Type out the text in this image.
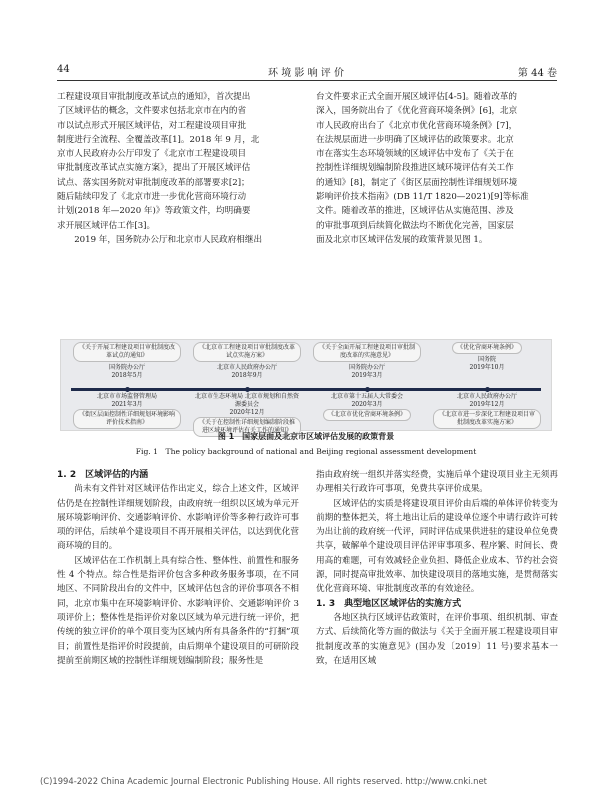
44	环 境 影 响 评 价	第 44 卷
工程建设项目审批制度改革试点的通知》，首次提出
了区域评估的概念，文件要求包括北京市在内的省
市以试点形式开展区域评估，对工程建设项目审批
制度进行全流程、全覆盖改革[1]。2018 年 9 月，北
京市人民政府办公厅印发了《北京市工程建设项目
审批制度改革试点实施方案》，提出了开展区域评估
试点、落实国务院对审批制度改革的部署要求[2]；
随后陆续印发了《北京市进一步优化营商环境行动
计划(2018 年—2020 年)》等政策文件，均明确要
求开展区域评估工作[3]。
　　2019 年，国务院办公厅和北京市人民政府相继出
台文件要求正式全面开展区域评估[4-5]。随着改革的
深入，国务院出台了《优化营商环境条例》[6]，北京
市人民政府出台了《北京市优化营商环境条例》[7]，
在法规层面进一步明确了区域评估的政策要求。北京
市在落实生态环境领域的区域评估中发布了《关于在
控制性详细规划编制阶段推进区域环境评估有关工作
的通知》[8]，制定了《街区层面控制性详细规划环境
影响评价技术指南》(DB 11/T 1820—2021)[9]等标准
文件。随着改革的推进，区域评估从实施范围、涉及
的审批事项到后续简化做法均不断优化完善，国家层
面及北京市区域评估发展的政策背景见图 1。
《关于开展工程建设项目审批制度改革试点的通知》
国务院办公厅
2018年5月
《北京市工程建设项目审批制度改革试点实施方案》
北京市人民政府办公厅
2018年9月
《关于全面开展工程建设项目审批制度改革的实施意见》
国务院办公厅
2019年3月
《优化营商环境条例》
国务院
2019年10月
北京市市场监督管理局
2021年3月
《街区层面控制性详细规划环境影响评价技术指南》
北京市生态环境局 北京市规划和自然资源委员会
2020年12月
《关于在控制性详细规划编制阶段推进区域环境评估有关工作的通知》
北京市第十五届人大常委会
2020年3月
《北京市优化营商环境条例》
北京市人民政府办公厅
2019年12月
《北京市进一步深化工程建设项目审批制度改革实施方案》
图 1　国家层面及北京市区域评估发展的政策背景
Fig. 1　The policy background of national and Beijing regional assessment development
1. 2　区域评估的内涵

尚未有文件针对区域评估作出定义，综合上述文件，区域评估仍是在控制性详细规划阶段，由政府统一组织以区域为单元开展环境影响评价、交通影响评价、水影响评价等多种行政许可事项的评估，后续单个建设项目不再开展相关评估，以达到优化营商环境的目的。

区域评估在工作机制上具有综合性、整体性、前置性和服务性 4 个特点。综合性是指评价包含多种政务服务事项，在不同地区、不同阶段出台的文件中，区域评估包含的评价事项各不相同，北京市集中在环境影响评价、水影响评价、交通影响评价 3 项评价上；整体性是指评价对象以区域为单元进行统一评价，把传统的独立评价的单个项目变为区域内所有具备条件的“打捆”项目；前置性是指评价时段提前，由后期单个建设项目的可研阶段提前至前期区域的控制性详细规划编制阶段；服务性是

指由政府统一组织并落实经费，实施后单个建设项目业主无须再办理相关行政许可事项，免费共享评价成果。

区域评估的实质是将建设项目评价由后端的单体评价转变为前期的整体把关，将土地出让后的建设单位逐个申请行政许可转为出让前的政府统一代评，同时评估成果供进驻的建设单位免费共享，破解单个建设项目评估评审事项多、程序繁、时间长、费用高的难题，可有效减轻企业负担、降低企业成本、节约社会资源，同时提高审批效率、加快建设项目的落地实施，是贯彻落实优化营商环境、审批制度改革的有效途径。

1. 3　典型地区区域评估的实施方式

各地区执行区域评估政策时，在评价事项、组织机制、审查方式、后续简化等方面的做法与《关于全面开展工程建设项目审批制度改革的实施意见》(国办发〔2019〕11 号)要求基本一致，在适用区域

(C)1994-2022 China Academic Journal Electronic Publishing House. All rights reserved. http://www.cnki.net
